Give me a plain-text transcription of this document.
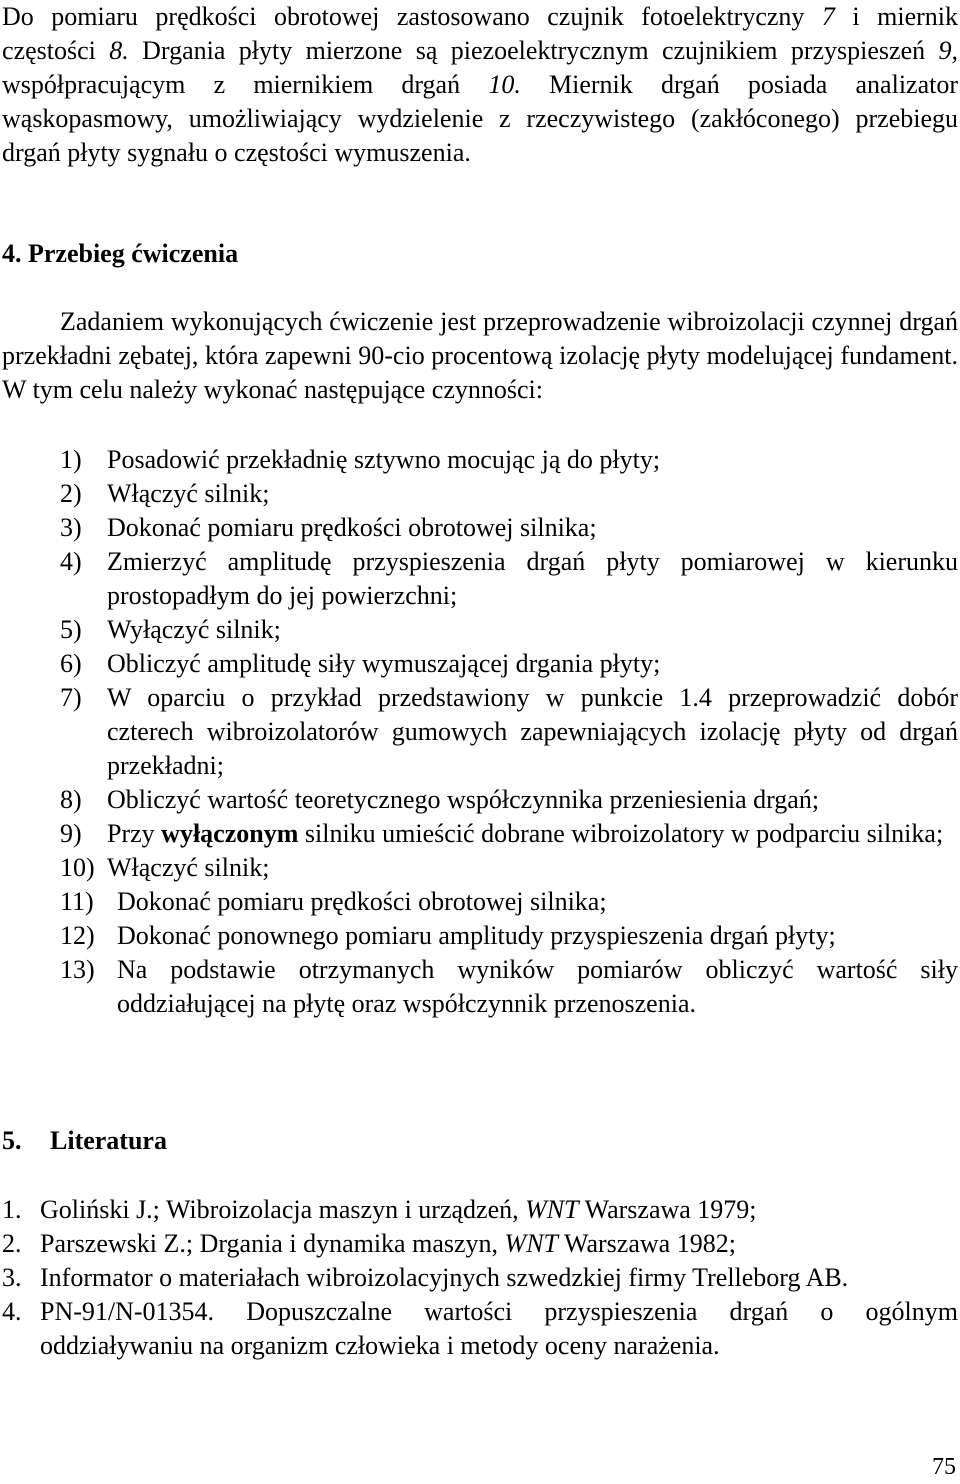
Do pomiaru prędkości obrotowej zastosowano czujnik fotoelektryczny 7 i miernik częstości 8. Drgania płyty mierzone są piezoelektrycznym czujnikiem przyspieszeń 9, współpracującym z miernikiem drgań 10. Miernik drgań posiada analizator wąskopasmowy, umożliwiający wydzielenie z rzeczywistego (zakłóconego) przebiegu drgań płyty sygnału o częstości wymuszenia.

4. Przebieg ćwiczenia

Zadaniem wykonujących ćwiczenie jest przeprowadzenie wibroizolacji czynnej drgań przekładni zębatej, która zapewni 90-cio procentową izolację płyty modelującej fundament. W tym celu należy wykonać następujące czynności:

1) Posadowić przekładnię sztywno mocując ją do płyty;
2) Włączyć silnik;
3) Dokonać pomiaru prędkości obrotowej silnika;
4) Zmierzyć amplitudę przyspieszenia drgań płyty pomiarowej w kierunku prostopadłym do jej powierzchni;
5) Wyłączyć silnik;
6) Obliczyć amplitudę siły wymuszającej drgania płyty;
7) W oparciu o przykład przedstawiony w punkcie 1.4 przeprowadzić dobór czterech wibroizolatorów gumowych zapewniających izolację płyty od drgań przekładni;
8) Obliczyć wartość teoretycznego współczynnika przeniesienia drgań;
9) Przy wyłączonym silniku umieścić dobrane wibroizolatory w podparciu silnika;
10) Włączyć silnik;
11) Dokonać pomiaru prędkości obrotowej silnika;
12) Dokonać ponownego pomiaru amplitudy przyspieszenia drgań płyty;
13) Na podstawie otrzymanych wyników pomiarów obliczyć wartość siły oddziałującej na płytę oraz współczynnik przenoszenia.
5. Literatura
1. Goliński J.; Wibroizolacja maszyn i urządzeń, WNT Warszawa 1979;
2. Parszewski Z.; Drgania i dynamika maszyn, WNT Warszawa 1982;
3. Informator o materiałach wibroizolacyjnych szwedzkiej firmy Trelleborg AB.
4. PN-91/N-01354. Dopuszczalne wartości przyspieszenia drgań o ogólnym oddziaływaniu na organizm człowieka i metody oceny narażenia.
75
